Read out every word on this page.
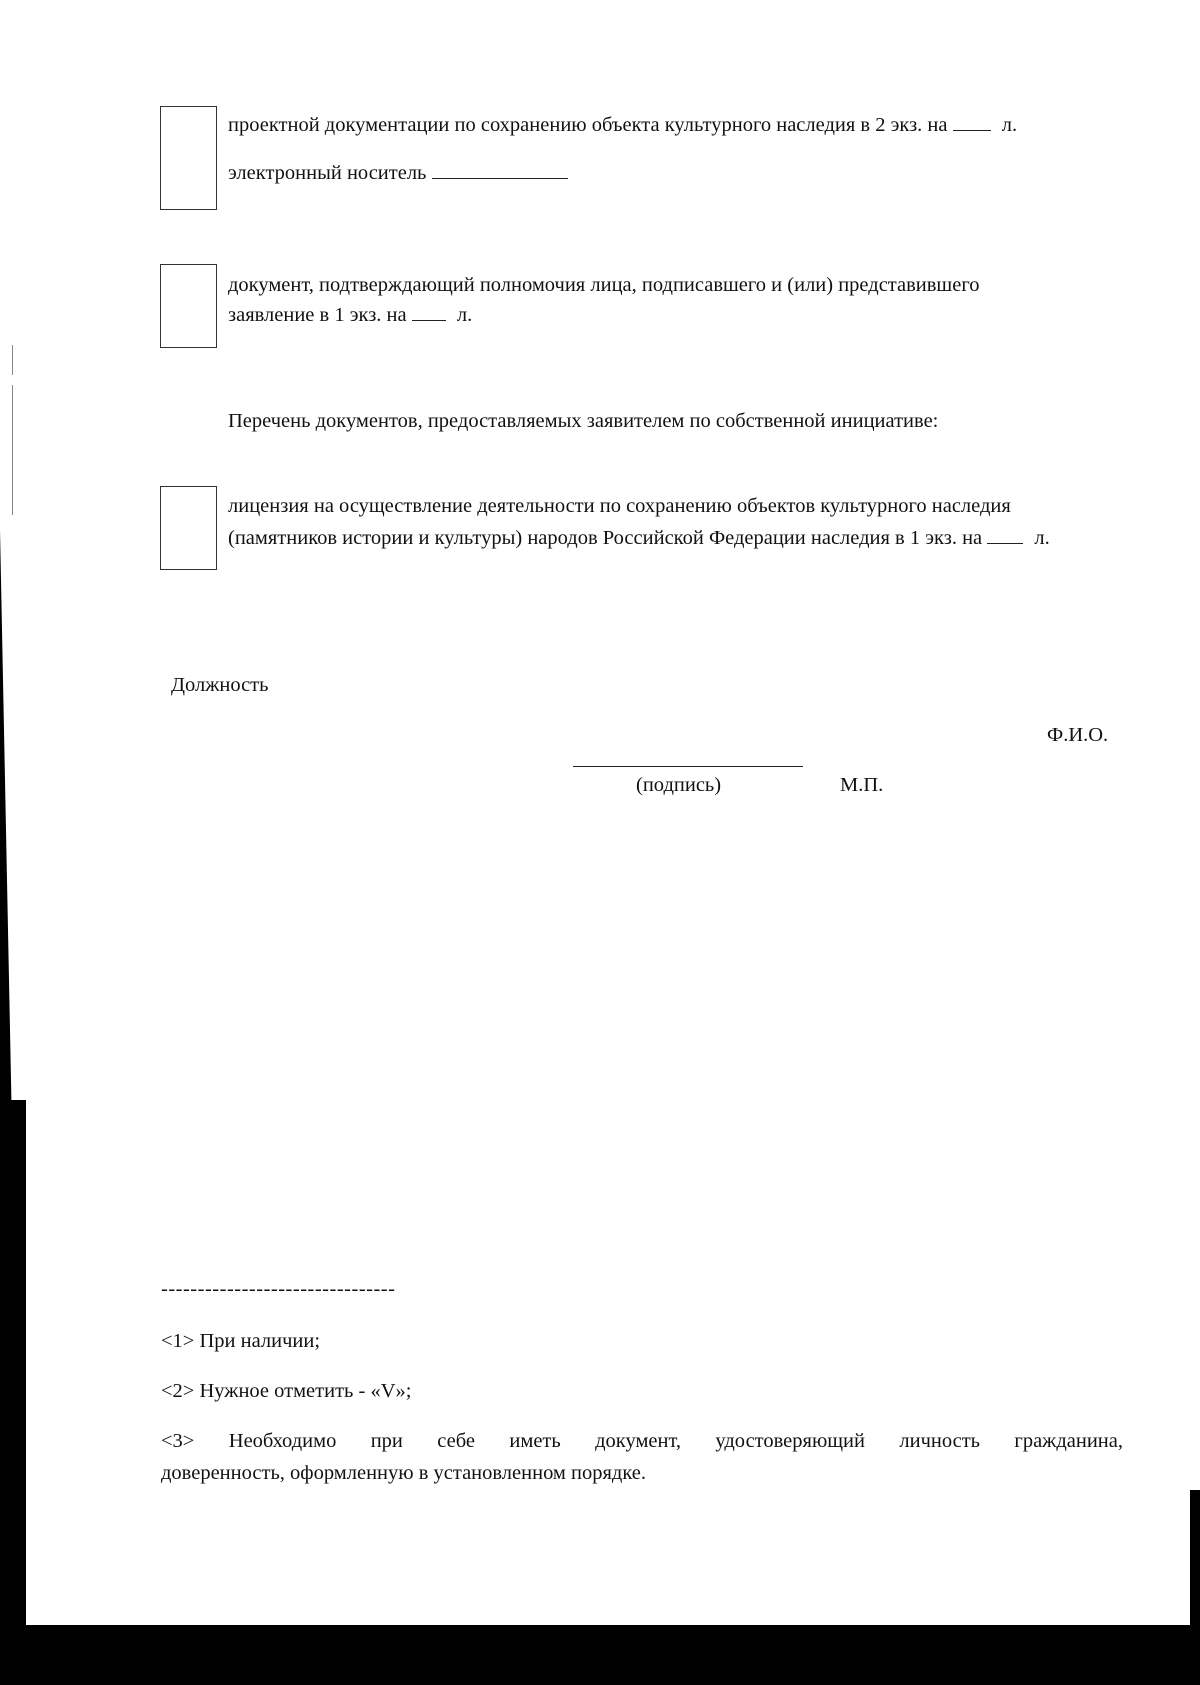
проектной документации по сохранению объекта культурного наследия в 2 экз. на	л.
электронный носитель
документ, подтверждающий полномочия лица, подписавшего и (или) представившего
заявление в 1 экз. на л.
Перечень документов, предоставляемых заявителем по собственной инициативе:
лицензия на осуществление деятельности по сохранению объектов культурного наследия
(памятников истории и культуры) народов Российской Федерации наследия в 1 экз. на	л.
Должность
Ф.И.О.
(подпись)	М.П.
--------------------------------
<1> При наличии;
<2> Нужное отметить - «V»;
<3> Необходимо при себе иметь документ, удостоверяющий личность гражданина,
доверенность, оформленную в установленном порядке.
